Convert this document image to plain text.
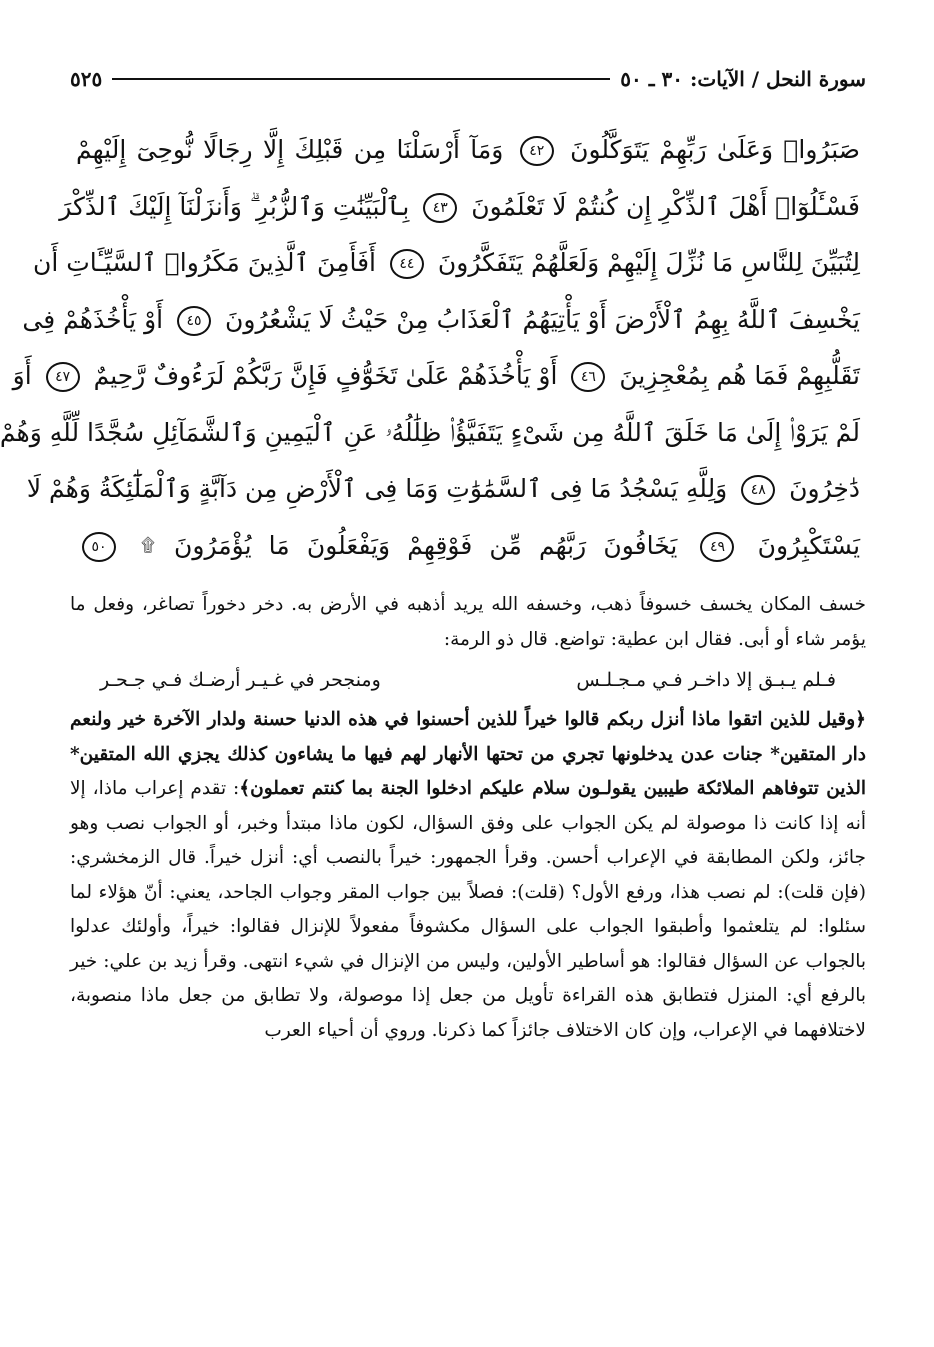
سورة النحل / الآيات: ٣٠ ـ ٥٠
٥٢٥
صَبَرُوا۟ وَعَلَىٰ رَبِّهِمْ يَتَوَكَّلُونَ ٤٢ وَمَآ أَرْسَلْنَا مِن قَبْلِكَ إِلَّا رِجَالًا نُّوحِىٓ إِلَيْهِمْ
فَسْـَٔلُوٓا۟ أَهْلَ ٱلذِّكْرِ إِن كُنتُمْ لَا تَعْلَمُونَ ٤٣ بِٱلْبَيِّنَٰتِ وَٱلزُّبُرِ ۗ وَأَنزَلْنَآ إِلَيْكَ ٱلذِّكْرَ
لِتُبَيِّنَ لِلنَّاسِ مَا نُزِّلَ إِلَيْهِمْ وَلَعَلَّهُمْ يَتَفَكَّرُونَ ٤٤ أَفَأَمِنَ ٱلَّذِينَ مَكَرُوا۟ ٱلسَّيِّـَٔاتِ أَن
يَخْسِفَ ٱللَّهُ بِهِمُ ٱلْأَرْضَ أَوْ يَأْتِيَهُمُ ٱلْعَذَابُ مِنْ حَيْثُ لَا يَشْعُرُونَ ٤٥ أَوْ يَأْخُذَهُمْ فِى
تَقَلُّبِهِمْ فَمَا هُم بِمُعْجِزِينَ ٤٦ أَوْ يَأْخُذَهُمْ عَلَىٰ تَخَوُّفٍ فَإِنَّ رَبَّكُمْ لَرَءُوفٌ رَّحِيمٌ ٤٧ أَوَ
لَمْ يَرَوْا۟ إِلَىٰ مَا خَلَقَ ٱللَّهُ مِن شَىْءٍ يَتَفَيَّؤُا۟ ظِلَٰلُهُۥ عَنِ ٱلْيَمِينِ وَٱلشَّمَآئِلِ سُجَّدًا لِّلَّهِ وَهُمْ
دَٰخِرُونَ ٤٨ وَلِلَّهِ يَسْجُدُ مَا فِى ٱلسَّمَٰوَٰتِ وَمَا فِى ٱلْأَرْضِ مِن دَآبَّةٍ وَٱلْمَلَٰٓئِكَةُ وَهُمْ لَا
يَسْتَكْبِرُونَ ٤٩ يَخَافُونَ رَبَّهُم مِّن فَوْقِهِمْ وَيَفْعَلُونَ مَا يُؤْمَرُونَ ۩ ٥٠

خسف المكان يخسف خسوفاً ذهب، وخسفه الله يريد أذهبه في الأرض به. دخر دخوراً تصاغر، وفعل ما يؤمر شاء أو أبى. فقال ابن عطية: تواضع. قال ذو الرمة:

فـلم يـبـق إلا داخـر فـي مـجـلـس
ومنجحر في غـيـر أرضـك فـي جـحـر

﴿وقيل للذين اتقوا ماذا أنزل ربكم قالوا خيراً للذين أحسنوا في هذه الدنيا حسنة ولدار الآخرة خير ولنعم دار المتقين* جنات عدن يدخلونها تجري من تحتها الأنهار لهم فيها ما يشاءون كذلك يجزي الله المتقين* الذين تتوفاهم الملائكة طيبين يقولـون سلام عليكم ادخلوا الجنة بما كنتم تعملون﴾: تقدم إعراب ماذا، إلا أنه إذا كانت ذا موصولة لم يكن الجواب على وفق السؤال، لكون ماذا مبتدأ وخبر، أو الجواب نصب وهو جائز، ولكن المطابقة في الإعراب أحسن. وقرأ الجمهور: خيراً بالنصب أي: أنزل خيراً. قال الزمخشري: (فإن قلت): لم نصب هذا، ورفع الأول؟ (قلت): فصلاً بين جواب المقر وجواب الجاحد، يعني: أنّ هؤلاء لما سئلوا: لم يتلعثموا وأطبقوا الجواب على السؤال مكشوفاً مفعولاً للإنزال فقالوا: خيراً، وأولئك عدلوا بالجواب عن السؤال فقالوا: هو أساطير الأولين، وليس من الإنزال في شيء انتهى. وقرأ زيد بن علي: خير بالرفع أي: المنزل فتطابق هذه القراءة تأويل من جعل إذا موصولة، ولا تطابق من جعل ماذا منصوبة، لاختلافهما في الإعراب، وإن كان الاختلاف جائزاً كما ذكرنا. وروي أن أحياء العرب
